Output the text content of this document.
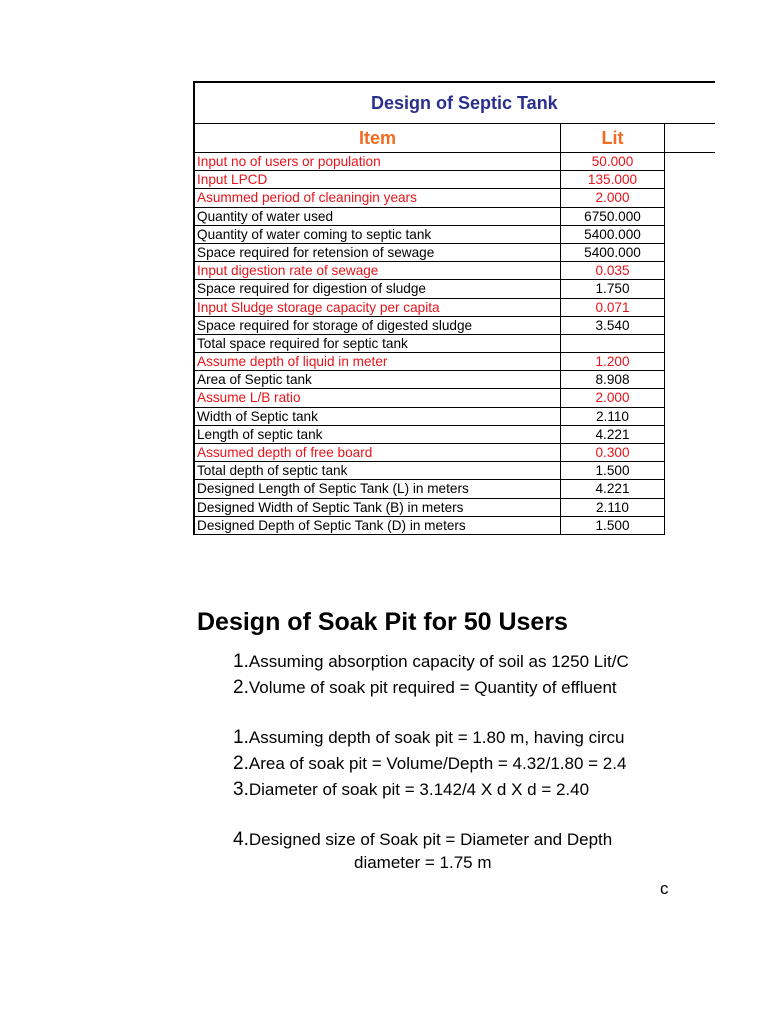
Design of Septic Tank
Item	Lit
Input no of users or population	50.000
Input LPCD	135.000
Asummed period of cleaningin years	2.000
Quantity of water used	6750.000
Quantity of water coming to septic tank	5400.000
Space required for retension of sewage	5400.000
Input digestion rate of sewage	0.035
Space required for digestion of sludge	1.750
Input Sludge storage capacity per capita	0.071
Space required for storage of digested sludge	3.540
Total space required for septic tank
Assume depth of liquid in meter	1.200
Area of Septic tank	8.908
Assume L/B ratio	2.000
Width of Septic tank	2.110
Length of septic tank	4.221
Assumed depth of free board	0.300
Total depth of septic tank	1.500
Designed Length of Septic Tank (L) in meters	4.221
Designed Width of Septic Tank (B) in meters	2.110
Designed Depth of Septic Tank (D) in meters	1.500
Design of Soak Pit for 50 Users
1.Assuming absorption capacity of soil as 1250 Lit/C
2.Volume of soak pit required = Quantity of effluent
1.Assuming depth of soak pit = 1.80 m, having circu
2.Area of soak pit = Volume/Depth = 4.32/1.80 = 2.4
3.Diameter of soak pit = 3.142/4 X d X d = 2.40
4.Designed size of Soak pit = Diameter and Depth
diameter = 1.75 m
c
